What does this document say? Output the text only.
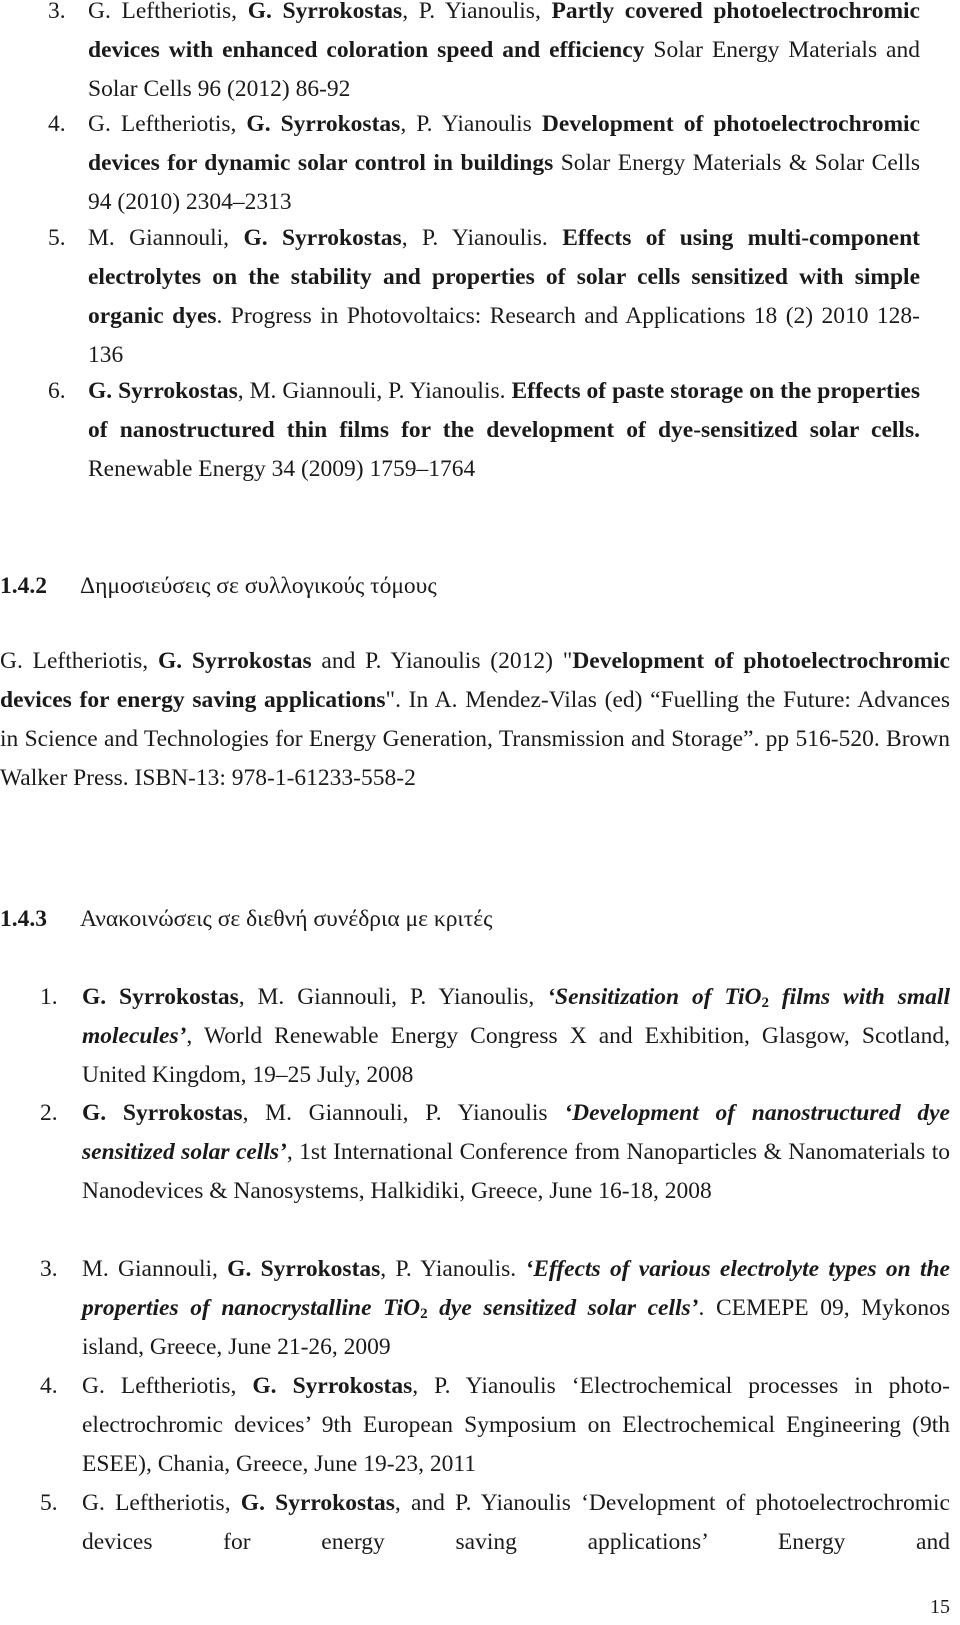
3. G. Leftheriotis, G. Syrrokostas, P. Yianoulis, Partly covered photoelectrochromic devices with enhanced coloration speed and efficiency Solar Energy Materials and Solar Cells 96 (2012) 86-92
4. G. Leftheriotis, G. Syrrokostas, P. Yianoulis Development of photoelectrochromic devices for dynamic solar control in buildings Solar Energy Materials & Solar Cells 94 (2010) 2304–2313
5. M. Giannouli, G. Syrrokostas, P. Yianoulis. Effects of using multi-component electrolytes on the stability and properties of solar cells sensitized with simple organic dyes. Progress in Photovoltaics: Research and Applications 18 (2) 2010 128-136
6. G. Syrrokostas, M. Giannouli, P. Yianoulis. Effects of paste storage on the properties of nanostructured thin films for the development of dye-sensitized solar cells. Renewable Energy 34 (2009) 1759–1764
1.4.2 Δημοσιεύσεις σε συλλογικούς τόμους
G. Leftheriotis, G. Syrrokostas and P. Yianoulis (2012) "Development of photoelectrochromic devices for energy saving applications". In A. Mendez-Vilas (ed) “Fuelling the Future: Advances in Science and Technologies for Energy Generation, Transmission and Storage”. pp 516-520. Brown Walker Press. ISBN-13: 978-1-61233-558-2
1.4.3 Ανακοινώσεις σε διεθνή συνέδρια με κριτές
1. G. Syrrokostas, M. Giannouli, P. Yianoulis, ‘Sensitization of TiO$_2$ films with small molecules’, World Renewable Energy Congress X and Exhibition, Glasgow, Scotland, United Kingdom, 19–25 July, 2008
2. G. Syrrokostas, M. Giannouli, P. Yianoulis ‘Development of nanostructured dye sensitized solar cells’, 1st International Conference from Nanoparticles & Nanomaterials to Nanodevices & Nanosystems, Halkidiki, Greece, June 16-18, 2008
3. M. Giannouli, G. Syrrokostas, P. Yianoulis. ‘Effects of various electrolyte types on the properties of nanocrystalline TiO$_2$ dye sensitized solar cells’. CEMEPE 09, Mykonos island, Greece, June 21-26, 2009
4. G. Leftheriotis, G. Syrrokostas, P. Yianoulis ‘Electrochemical processes in photo-electrochromic devices’ 9th European Symposium on Electrochemical Engineering (9th ESEE), Chania, Greece, June 19-23, 2011
5. G. Leftheriotis, G. Syrrokostas, and P. Yianoulis ‘Development of photoelectrochromic devices for energy saving applications’ Energy and
15
